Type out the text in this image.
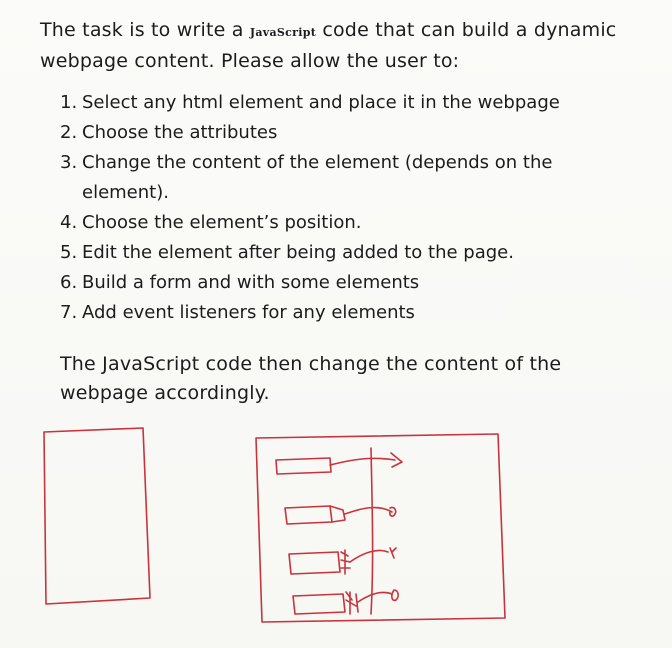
The task is to write a JavaScript code that can build a dynamic webpage content. Please allow the user to:

1. Select any html element and place it in the webpage
2. Choose the attributes
3. Change the content of the element (depends on the element).
4. Choose the element’s position.
5. Edit the element after being added to the page.
6. Build a form and with some elements
7. Add event listeners for any elements

The JavaScript code then change the content of the webpage accordingly.
